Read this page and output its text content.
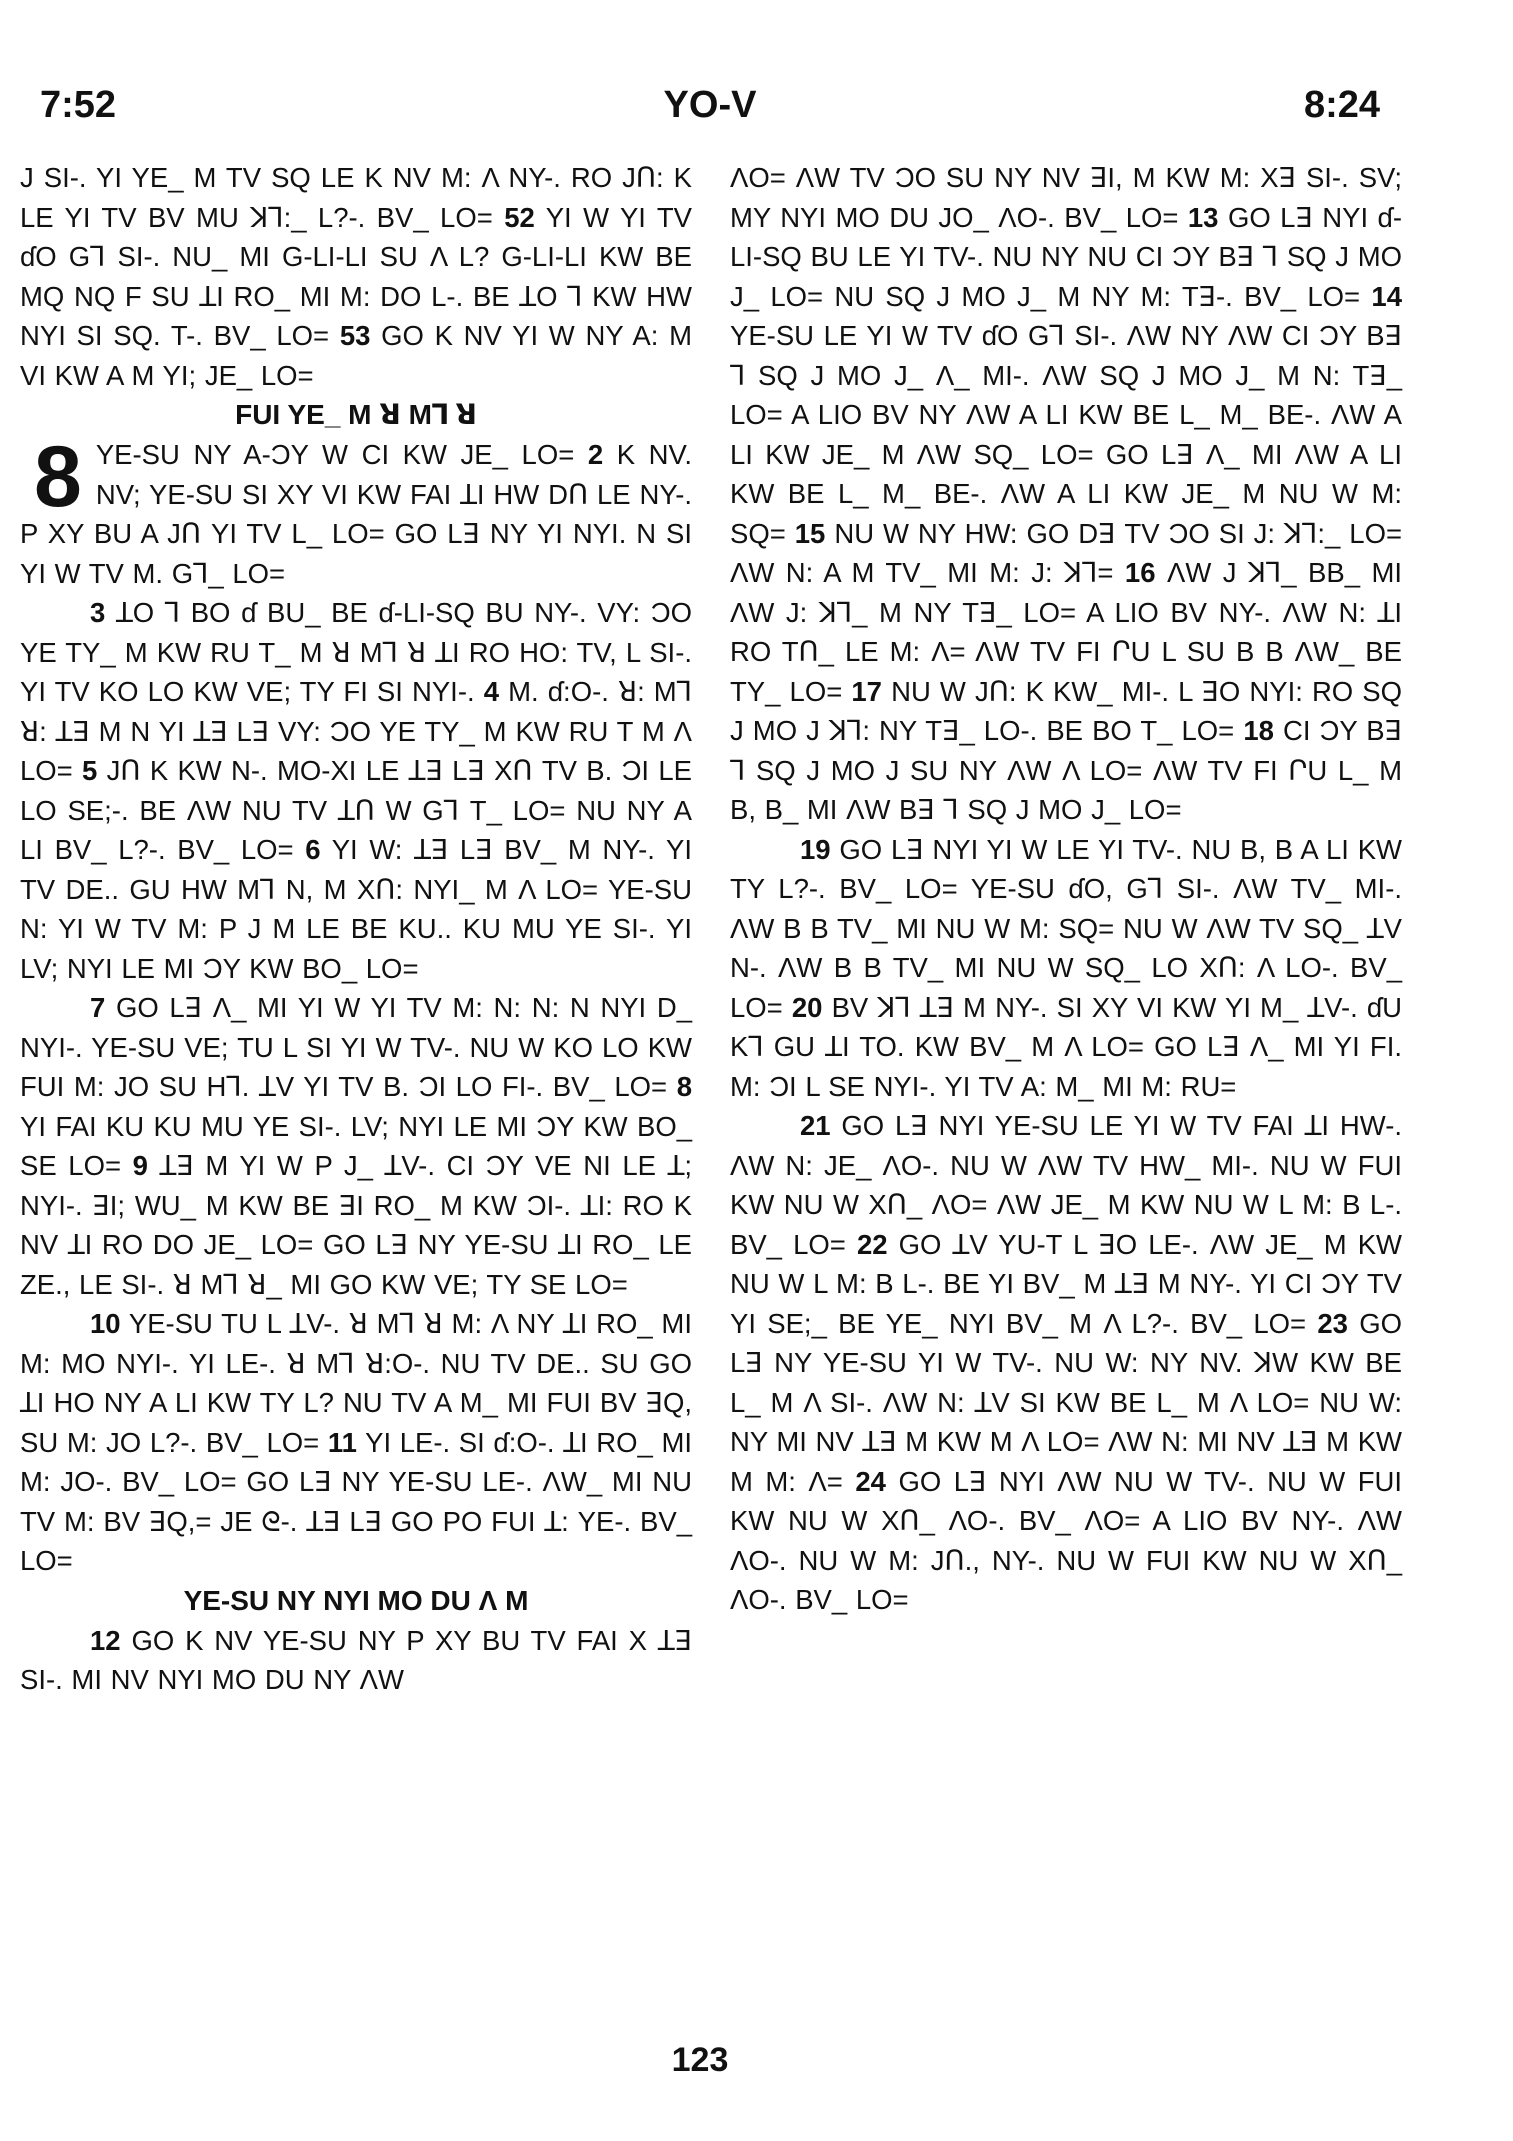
YO-V
7:52	8:24

J SI-. YI YE_ M TV SQ LE K NV M: Λ NY-. RO JՈ: K LE YI TV BV MU ꓘꓶ:_ L?-. BV_ LO= 52 YI W YI TV ɗO Gꓶ SI-. NU_ MI G-LI-LI SU Λ L? G-LI-LI KW BE MQ NQ F SU ꓕI RO_ MI M: DO L-. BE ꓕO ꓶ KW HW NYI SI SQ. T-. BV_ LO= 53 GO K NV YI W NY A: M VI KW A M YI; JE_ LO=

FUI YE_ M ꓤ Mꓶ ꓤ

8 YE-SU NY A-ƆY W CI KW JE_ LO= 2 K NV. NV; YE-SU SI XY VI KW FAI ꓕI HW DՈ LE NY-. P XY BU A JՈ YI TV L_ LO= GO Lꓱ NY YI NYI. N SI YI W TV M. Gꓶ_ LO=

3 ꓕO ꓶ BO ɗ BU_ BE ɗ-LI-SQ BU NY-. VY: ƆO YE TY_ M KW RU T_ M ꓤ Mꓶ ꓤ ꓕI RO HO: TV, L SI-. YI TV KO LO KW VE; TY FI SI NYI-. 4 M. ɗ:O-. ꓤ: Mꓶ ꓤ: ꓕꓱ M N YI ꓕꓱ Lꓱ VY: ƆO YE TY_ M KW RU T M Λ LO= 5 JՈ K KW N-. MO-XI LE ꓕꓱ Lꓱ XՈ TV B. ƆI LE LO SE;-. BE ΛW NU TV ꓕՈ W Gꓶ T_ LO= NU NY A LI BV_ L?-. BV_ LO= 6 YI W: ꓕꓱ Lꓱ BV_ M NY-. YI TV DE.. GU HW Mꓶ N, M XՈ: NYI_ M Λ LO= YE-SU N: YI W TV M: P J M LE BE KU.. KU MU YE SI-. YI LV; NYI LE MI ƆY KW BO_ LO=

7 GO Lꓱ Λ_ MI YI W YI TV M: N: N: N NYI D_ NYI-. YE-SU VE; TU L SI YI W TV-. NU W KO LO KW FUI M: JO SU Hꓶ. ꓕV YI TV B. ƆI LO FI-. BV_ LO= 8 YI FAI KU KU MU YE SI-. LV; NYI LE MI ƆY KW BO_ SE LO= 9 ꓕꓱ M YI W P J_ ꓕV-. CI ƆY VE NI LE ꓕ; NYI-. ꓱI; WU_ M KW BE ꓱI RO_ M KW ƆI-. ꓕI: RO K NV ꓕI RO DO JE_ LO= GO Lꓱ NY YE-SU ꓕI RO_ LE ZE., LE SI-. ꓤ Mꓶ ꓤ_ MI GO KW VE; TY SE LO=

10 YE-SU TU L ꓕV-. ꓤ Mꓶ ꓤ M: Λ NY ꓕI RO_ MI M: MO NYI-. YI LE-. ꓤ Mꓶ ꓤ:O-. NU TV DE.. SU GO ꓕI HO NY A LI KW TY L? NU TV A M_ MI FUI BV ꓱQ, SU M: JO L?-. BV_ LO= 11 YI LE-. SI ɗ:O-. ꓕI RO_ MI M: JO-. BV_ LO= GO Lꓱ NY YE-SU LE-. ΛW_ MI NU TV M: BV ꓱQ,= JE ᘓ-. ꓕꓱ Lꓱ GO PO FUI ꓕ: YE-. BV_ LO=

YE-SU NY NYI MO DU Λ M

12 GO K NV YE-SU NY P XY BU TV FAI X ꓕꓱ SI-. MI NV NYI MO DU NY ΛW

ΛO= ΛW TV ƆO SU NY NV ꓱI, M KW M: Xꓱ SI-. SV; MY NYI MO DU JO_ ΛO-. BV_ LO= 13 GO Lꓱ NYI ɗ-LI-SQ BU LE YI TV-. NU NY NU CI ƆY Bꓱ ꓶ SQ J MO J_ LO= NU SQ J MO J_ M NY M: Tꓱ-. BV_ LO= 14 YE-SU LE YI W TV ɗO Gꓶ SI-. ΛW NY ΛW CI ƆY Bꓱ ꓶ SQ J MO J_ Λ_ MI-. ΛW SQ J MO J_ M N: Tꓱ_ LO= A LIO BV NY ΛW A LI KW BE L_ M_ BE-. ΛW A LI KW JE_ M ΛW SQ_ LO= GO Lꓱ Λ_ MI ΛW A LI KW BE L_ M_ BE-. ΛW A LI KW JE_ M NU W M: SQ= 15 NU W NY HW: GO Dꓱ TV ƆO SI J: ꓘꓶ:_ LO= ΛW N: A M TV_ MI M: J: ꓘꓶ= 16 ΛW J ꓘꓶ_ BB_ MI ΛW J: ꓘꓶ_ M NY Tꓱ_ LO= A LIO BV NY-. ΛW N: ꓕI RO TՈ_ LE M: Λ= ΛW TV FI ՐU L SU B B ΛW_ BE TY_ LO= 17 NU W JՈ: K KW_ MI-. L ꓱO NYI: RO SQ J MO J ꓘꓶ: NY Tꓱ_ LO-. BE BO T_ LO= 18 CI ƆY Bꓱ ꓶ SQ J MO J SU NY ΛW Λ LO= ΛW TV FI ՐU L_ M B, B_ MI ΛW Bꓱ ꓶ SQ J MO J_ LO=

19 GO Lꓱ NYI YI W LE YI TV-. NU B, B A LI KW TY L?-. BV_ LO= YE-SU ɗO, Gꓶ SI-. ΛW TV_ MI-. ΛW B B TV_ MI NU W M: SQ= NU W ΛW TV SQ_ ꓕV N-. ΛW B B TV_ MI NU W SQ_ LO XՈ: Λ LO-. BV_ LO= 20 BV ꓘꓶ ꓕꓱ M NY-. SI XY VI KW YI M_ ꓕV-. ɗU Kꓶ GU ꓕI TO. KW BV_ M Λ LO= GO Lꓱ Λ_ MI YI FI. M: ƆI L SE NYI-. YI TV A: M_ MI M: RU=

21 GO Lꓱ NYI YE-SU LE YI W TV FAI ꓕI HW-. ΛW N: JE_ ΛO-. NU W ΛW TV HW_ MI-. NU W FUI KW NU W XՈ_ ΛO= ΛW JE_ M KW NU W L M: B L-. BV_ LO= 22 GO ꓕV YU-T L ꓱO LE-. ΛW JE_ M KW NU W L M: B L-. BE YI BV_ M ꓕꓱ M NY-. YI CI ƆY TV YI SE;_ BE YE_ NYI BV_ M Λ L?-. BV_ LO= 23 GO Lꓱ NY YE-SU YI W TV-. NU W: NY NV. ꓘW KW BE L_ M Λ SI-. ΛW N: ꓕV SI KW BE L_ M Λ LO= NU W: NY MI NV ꓕꓱ M KW M Λ LO= ΛW N: MI NV ꓕꓱ M KW M M: Λ= 24 GO Lꓱ NYI ΛW NU W TV-. NU W FUI KW NU W XՈ_ ΛO-. BV_ ΛO= A LIO BV NY-. ΛW ΛO-. NU W M: JՈ., NY-. NU W FUI KW NU W XՈ_ ΛO-. BV_ LO=

123
